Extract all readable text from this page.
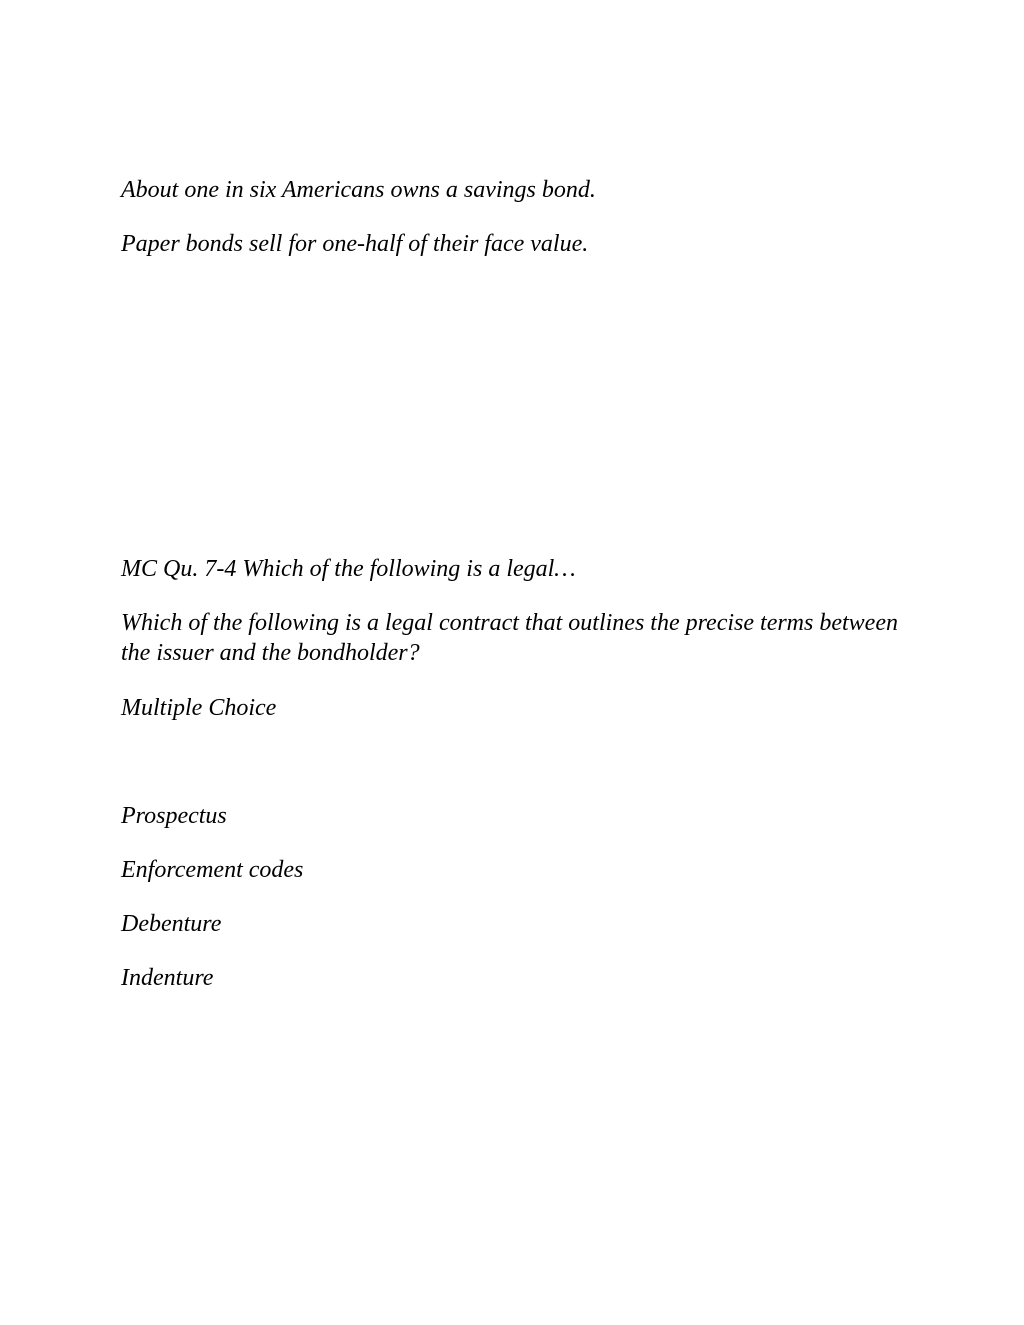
About one in six Americans owns a savings bond.

Paper bonds sell for one-half of their face value.

MC Qu. 7-4 Which of the following is a legal…

Which of the following is a legal contract that outlines the precise terms between the issuer and the bondholder?

Multiple Choice

Prospectus

Enforcement codes

Debenture

Indenture
